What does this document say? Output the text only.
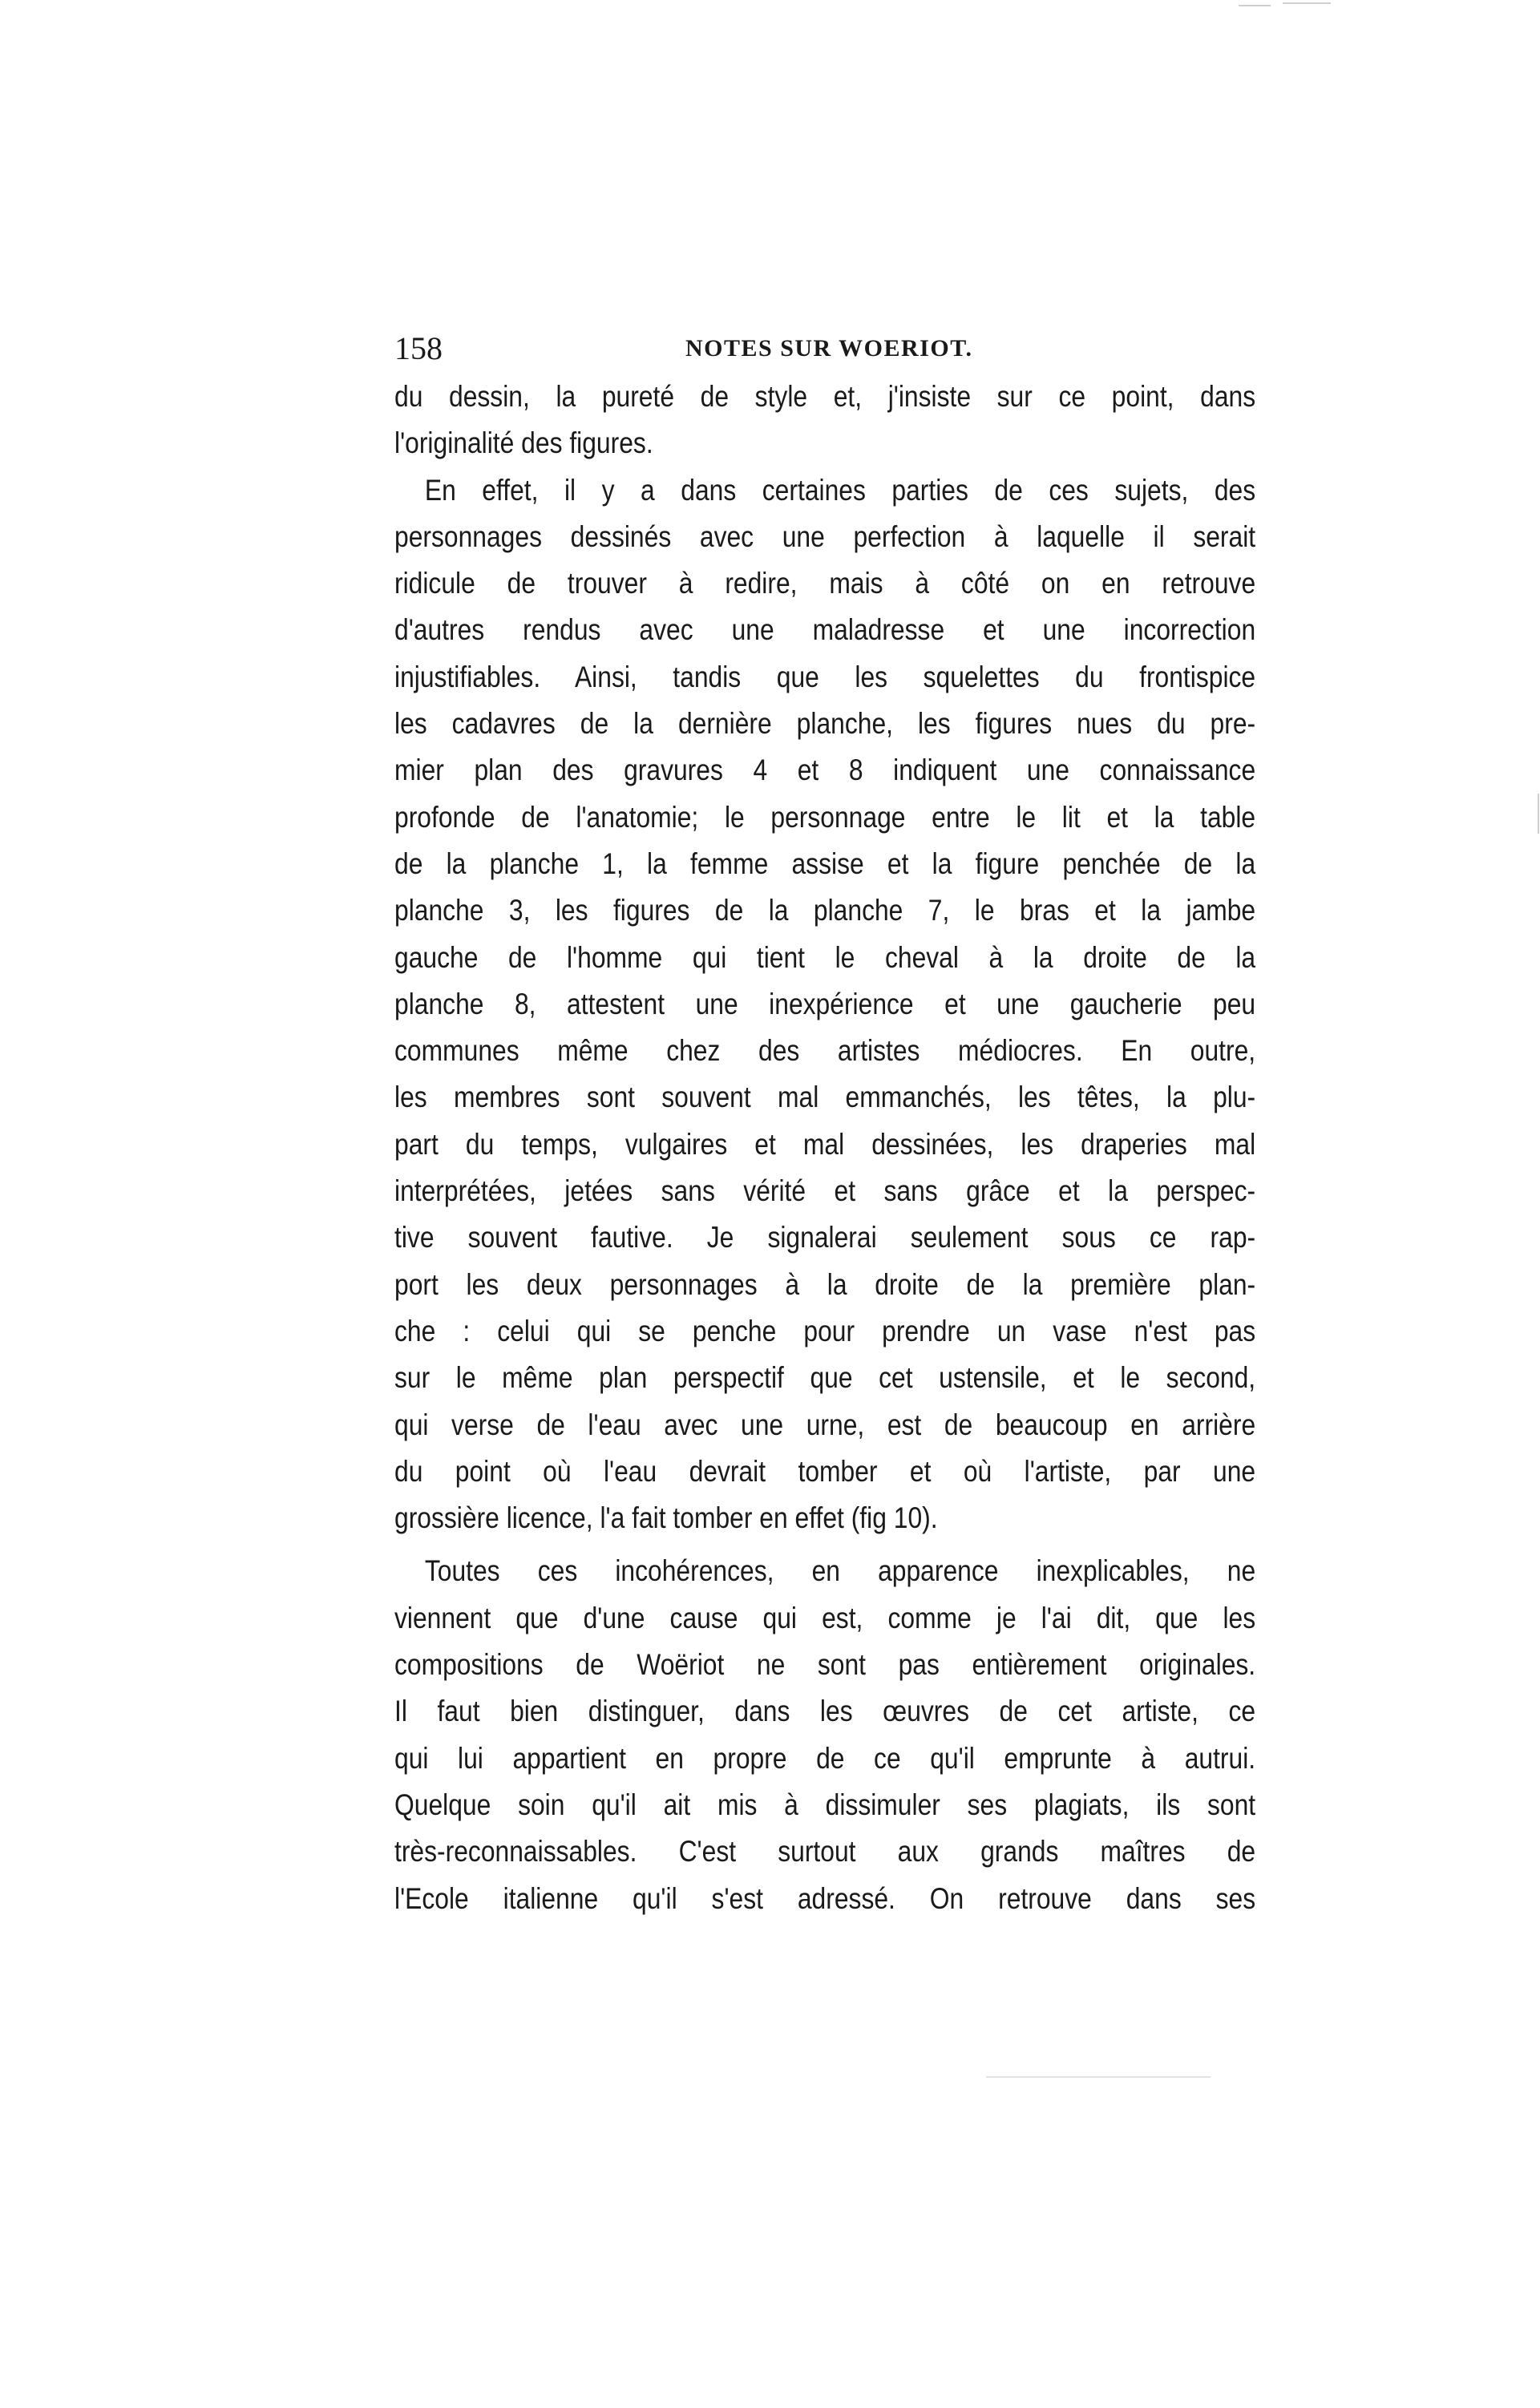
158	NOTES SUR WOERIOT.
du dessin, la pureté de style et, j'insiste sur ce point, dans
l'originalité des figures.
En effet, il y a dans certaines parties de ces sujets, des
personnages dessinés avec une perfection à laquelle il serait
ridicule de trouver à redire, mais à côté on en retrouve
d'autres rendus avec une maladresse et une incorrection
injustifiables. Ainsi, tandis que les squelettes du frontispice
les cadavres de la dernière planche, les figures nues du pre-
mier plan des gravures 4 et 8 indiquent une connaissance
profonde de l'anatomie; le personnage entre le lit et la table
de la planche 1, la femme assise et la figure penchée de la
planche 3, les figures de la planche 7, le bras et la jambe
gauche de l'homme qui tient le cheval à la droite de la
planche 8, attestent une inexpérience et une gaucherie peu
communes même chez des artistes médiocres. En outre,
les membres sont souvent mal emmanchés, les têtes, la plu-
part du temps, vulgaires et mal dessinées, les draperies mal
interprétées, jetées sans vérité et sans grâce et la perspec-
tive souvent fautive. Je signalerai seulement sous ce rap-
port les deux personnages à la droite de la première plan-
che : celui qui se penche pour prendre un vase n'est pas
sur le même plan perspectif que cet ustensile, et le second,
qui verse de l'eau avec une urne, est de beaucoup en arrière
du point où l'eau devrait tomber et où l'artiste, par une
grossière licence, l'a fait tomber en effet (fig 10).
Toutes ces incohérences, en apparence inexplicables, ne
viennent que d'une cause qui est, comme je l'ai dit, que les
compositions de Woëriot ne sont pas entièrement originales.
Il faut bien distinguer, dans les œuvres de cet artiste, ce
qui lui appartient en propre de ce qu'il emprunte à autrui.
Quelque soin qu'il ait mis à dissimuler ses plagiats, ils sont
très-reconnaissables. C'est surtout aux grands maîtres de
l'Ecole italienne qu'il s'est adressé. On retrouve dans ses
